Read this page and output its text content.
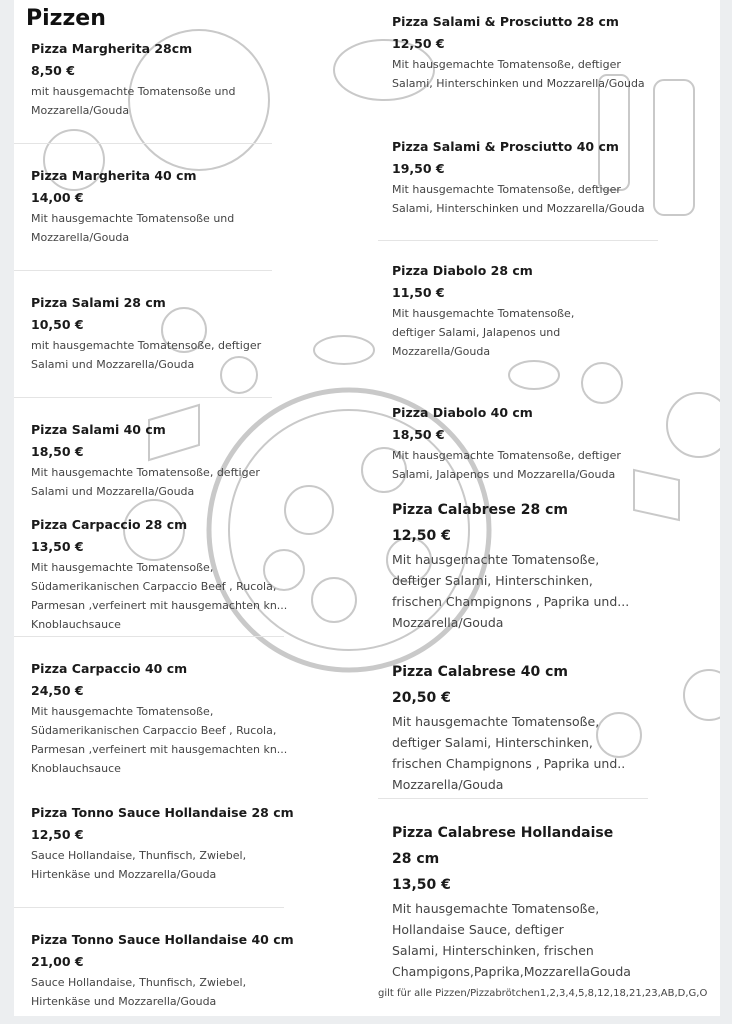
Pizzen
Pizza Margherita 28cm
8,50 €
mit hausgemachte Tomatensoße und
Mozzarella/Gouda
Pizza Margherita 40 cm
14,00 €
Mit hausgemachte Tomatensoße und
Mozzarella/Gouda
Pizza Salami 28 cm
10,50 €
mit hausgemachte Tomatensoße, deftiger
Salami und Mozzarella/Gouda
Pizza Salami 40 cm
18,50 €
Mit hausgemachte Tomatensoße, deftiger
Salami und Mozzarella/Gouda
Pizza Carpaccio 28 cm
13,50 €
Mit hausgemachte Tomatensoße,
Südamerikanischen Carpaccio Beef , Rucola,
Parmesan ,verfeinert mit hausgemachten kn...
Knoblauchsauce
Pizza Carpaccio 40 cm
24,50 €
Mit hausgemachte Tomatensoße,
Südamerikanischen Carpaccio Beef , Rucola,
Parmesan ,verfeinert mit hausgemachten kn...
Knoblauchsauce
Pizza Tonno Sauce Hollandaise 28 cm
12,50 €
Sauce Hollandaise, Thunfisch, Zwiebel,
Hirtenkäse und Mozzarella/Gouda
Pizza Tonno Sauce Hollandaise 40 cm
21,00 €
Sauce Hollandaise, Thunfisch, Zwiebel,
Hirtenkäse und Mozzarella/Gouda
Pizza Salami & Prosciutto 28 cm
12,50 €
Mit hausgemachte Tomatensoße, deftiger
Salami, Hinterschinken und Mozzarella/Gouda
Pizza Salami & Prosciutto 40 cm
19,50 €
Mit hausgemachte Tomatensoße, deftiger
Salami, Hinterschinken und Mozzarella/Gouda
Pizza Diabolo 28 cm
11,50 €
Mit hausgemachte Tomatensoße,
deftiger Salami, Jalapenos und
Mozzarella/Gouda
Pizza Diabolo 40 cm
18,50 €
Mit hausgemachte Tomatensoße, deftiger
Salami, Jalapenos und Mozzarella/Gouda
Pizza Calabrese 28 cm
12,50 €
Mit hausgemachte Tomatensoße,
deftiger Salami, Hinterschinken,
frischen Champignons , Paprika und...
Mozzarella/Gouda
Pizza Calabrese 40 cm
20,50 €
Mit hausgemachte Tomatensoße,
deftiger Salami, Hinterschinken,
frischen Champignons , Paprika und..
Mozzarella/Gouda
Pizza Calabrese Hollandaise 28 cm
13,50 €
Mit hausgemachte Tomatensoße,
Hollandaise Sauce, deftiger
Salami, Hinterschinken, frischen
Champigons,Paprika,MozzarellaGouda
gilt für alle Pizzen/Pizzabrötchen1,2,3,4,5,8,12,18,21,23,AB,D,G,O
